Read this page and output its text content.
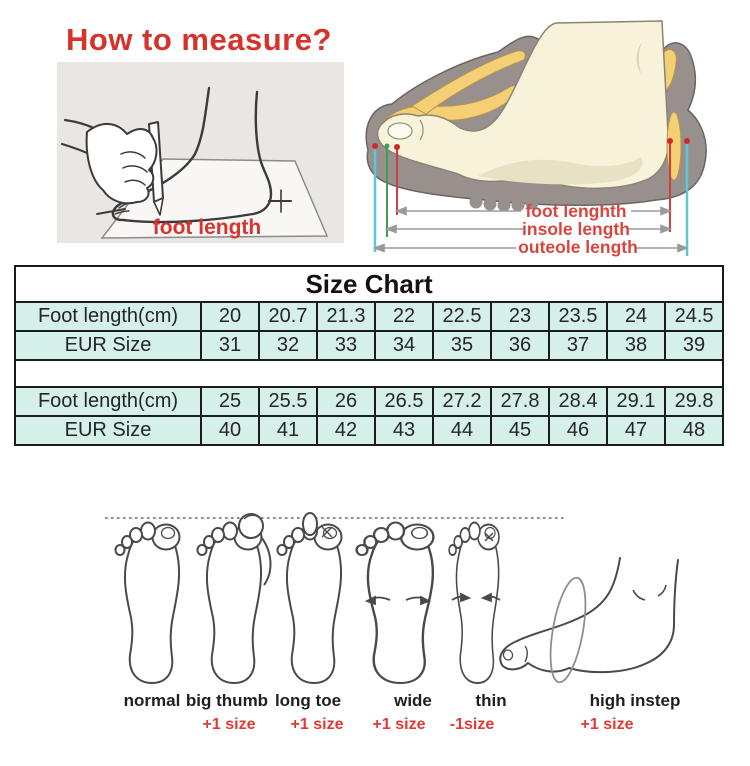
How to measure?
foot length
foot lenghth
insole length
outeole length
Size Chart									
Foot length(cm)	20	20.7	21.3	22	22.5	23	23.5	24	24.5
EUR Size	31	32	33	34	35	36	37	38	39

Foot length(cm)	25	25.5	26	26.5	27.2	27.8	28.4	29.1	29.8
EUR Size	40	41	42	43	44	45	46	47	48
normal big thumb
+1 size
long toe
+1 size
wide
+1 size
thin
-1size
high instep
+1 size
